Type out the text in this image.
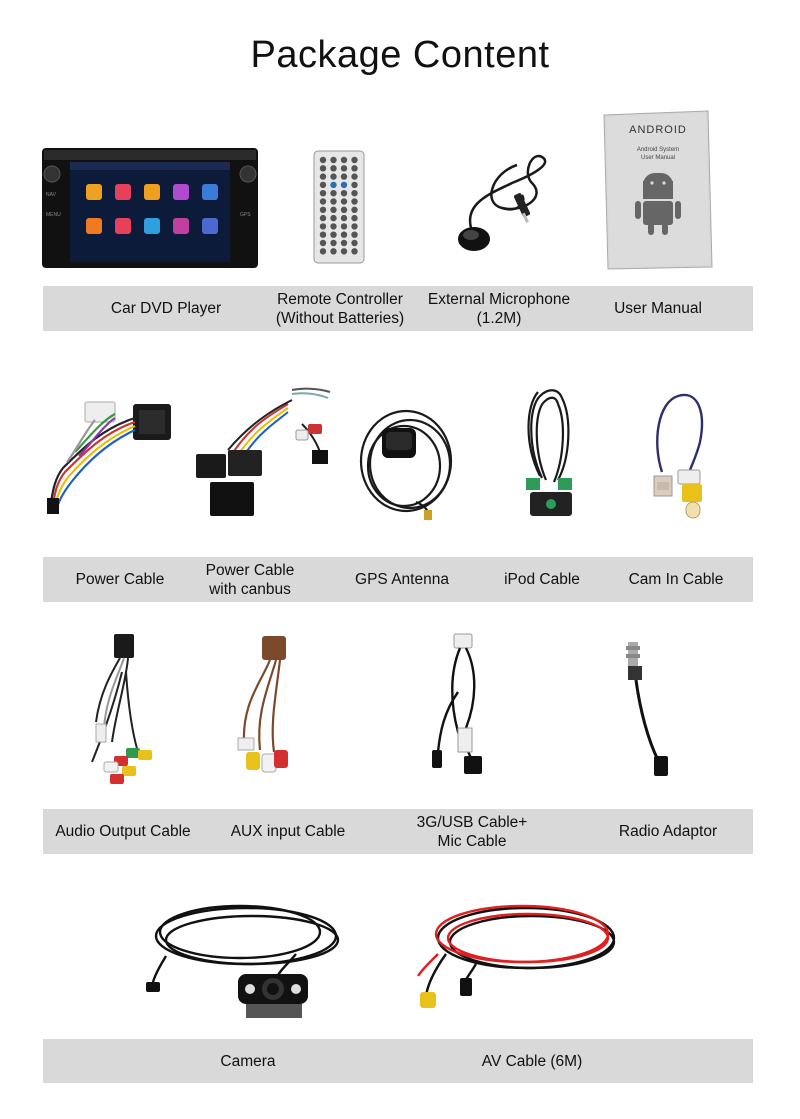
Package Content
NAV
MENU	GPS
ANDROID
Android System
User Manual
Car DVD Player
Remote Controller
(Without Batteries)
External Microphone
(1.2M)
User Manual
Power Cable
Power Cable
with canbus
GPS Antenna	iPod Cable	Cam In Cable
Audio Output Cable	AUX input Cable
3G/USB Cable+
Mic Cable
Radio Adaptor
Camera	AV Cable (6M)
